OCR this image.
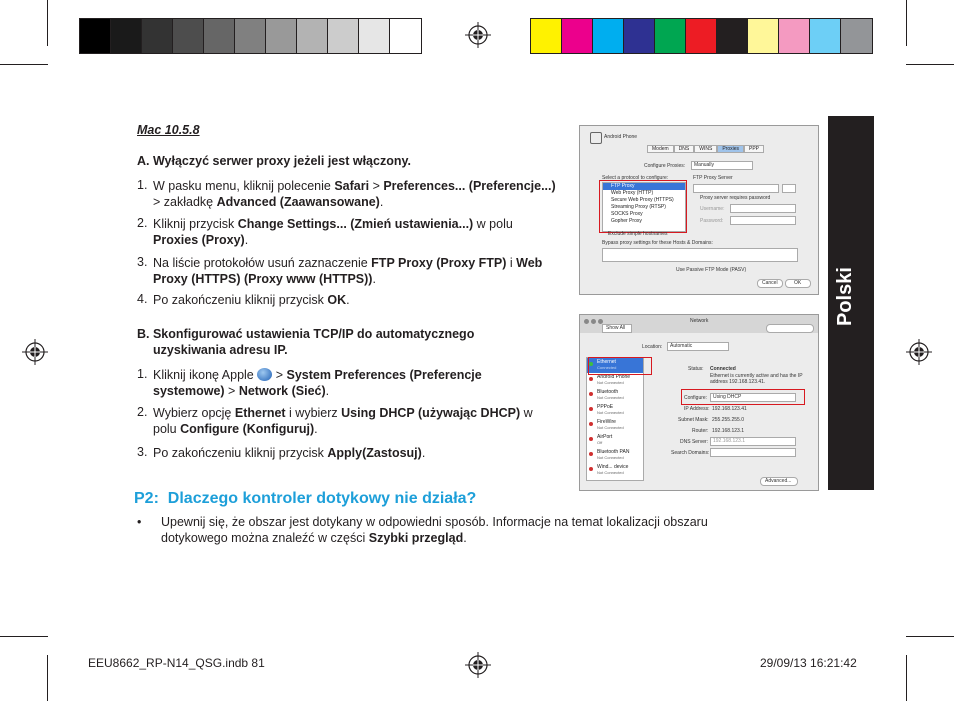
Mac 10.5.8
A. Wyłączyć serwer proxy jeżeli jest włączony.
1. W pasku menu, kliknij polecenie Safari > Preferences... (Preferencje...) > zakładkę Advanced (Zaawansowane).
2. Kliknij przycisk Change Settings... (Zmień ustawienia...) w polu Proxies (Proxy).
3. Na liście protokołów usuń zaznaczenie FTP Proxy (Proxy FTP) i Web Proxy (HTTPS) (Proxy www (HTTPS)).
4. Po zakończeniu kliknij przycisk OK.
B. Skonfigurować ustawienia TCP/IP do automatycznego
uzyskiwania adresu IP.
1. Kliknij ikonę Apple  > System Preferences (Preferencje systemowe) > Network (Sieć).
2. Wybierz opcję Ethernet i wybierz Using DHCP (używając DHCP) w polu Configure (Konfiguruj).
3. Po zakończeniu kliknij przycisk Apply(Zastosuj).
P2: Dlaczego kontroler dotykowy nie działa?
• Upewnij się, że obszar jest dotykany w odpowiedni sposób. Informacje na temat lokalizacji obszaru
dotykowego można znaleźć w części Szybki przegląd.
Polski
Android Phone
Modem	DNS	WINS	Proxies	PPP
Configure Proxies: Manually
Select a protocol to configure:	FTP Proxy Server
FTP Proxy
Web Proxy (HTTP)
Secure Web Proxy (HTTPS)
Streaming Proxy (RTSP)
SOCKS Proxy
Gopher Proxy
Proxy server requires password
Username:
Password:
Exclude simple hostnames
Bypass proxy settings for these Hosts & Domains:
Use Passive FTP Mode (PASV)
Cancel	OK
Network
Show All
Location: Automatic
Ethernet
Connected
Android Phone
Not Connected
Bluetooth
Not Connected
PPPoE
Not Connected
FireWire
Not Connected
AirPort
Off
Bluetooth PAN
Not Connected
Wind... device
Not Connected
Status: Connected
Ethernet is currently active and has the IP
address 192.168.123.41.
Configure: Using DHCP
IP Address: 192.168.123.41
Subnet Mask: 255.255.255.0
Router: 192.168.123.1
DNS Server: 192.168.123.1
Search Domains:
Advanced...
EEU8662_RP-N14_QSG.indb 81	29/09/13 16:21:42
